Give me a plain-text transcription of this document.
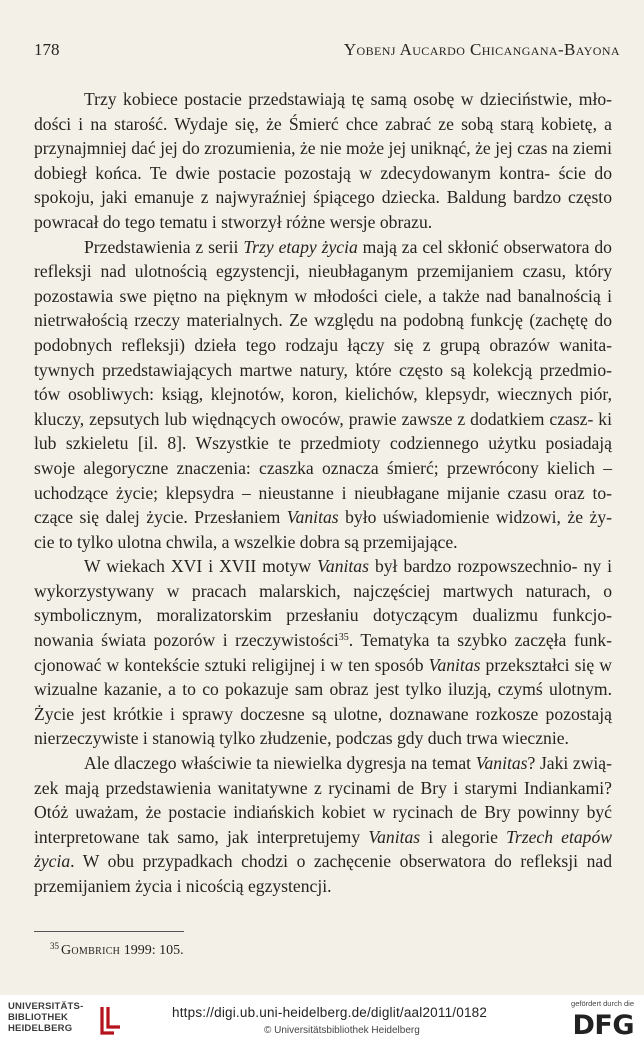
178	Yobenj Aucardo Chicangana-Bayona

Trzy kobiece postacie przedstawiają tę samą osobę w dzieciństwie, mło- dości i na starość. Wydaje się, że Śmierć chce zabrać ze sobą starą kobietę, a przynajmniej dać jej do zrozumienia, że nie może jej uniknąć, że jej czas na ziemi dobiegł końca. Te dwie postacie pozostają w zdecydowanym kontra- ście do spokoju, jaki emanuje z najwyraźniej śpiącego dziecka. Baldung bardzo często powracał do tego tematu i stworzył różne wersje obrazu.

Przedstawienia z serii Trzy etapy życia mają za cel skłonić obserwatora do refleksji nad ulotnością egzystencji, nieubłaganym przemijaniem czasu, który pozostawia swe piętno na pięknym w młodości ciele, a także nad banalnością i nietrwałością rzeczy materialnych. Ze względu na podobną funkcję (zachętę do podobnych refleksji) dzieła tego rodzaju łączy się z grupą obrazów wanita- tywnych przedstawiających martwe natury, które często są kolekcją przedmio- tów osobliwych: ksiąg, klejnotów, koron, kielichów, klepsydr, wiecznych piór, kluczy, zepsutych lub więdnących owoców, prawie zawsze z dodatkiem czasz- ki lub szkieletu [il. 8]. Wszystkie te przedmioty codziennego użytku posiadają swoje alegoryczne znaczenia: czaszka oznacza śmierć; przewrócony kielich – uchodzące życie; klepsydra – nieustanne i nieubłagane mijanie czasu oraz to- czące się dalej życie. Przesłaniem Vanitas było uświadomienie widzowi, że ży- cie to tylko ulotna chwila, a wszelkie dobra są przemijające.

W wiekach XVI i XVII motyw Vanitas był bardzo rozpowszechnio- ny i wykorzystywany w pracach malarskich, najczęściej martwych naturach, o symbolicznym, moralizatorskim przesłaniu dotyczącym dualizmu funkcjo- nowania świata pozorów i rzeczywistości$^{35}$. Tematyka ta szybko zaczęła funk- cjonować w kontekście sztuki religijnej i w ten sposób Vanitas przekształci się w wizualne kazanie, a to co pokazuje sam obraz jest tylko iluzją, czymś ulotnym. Życie jest krótkie i sprawy doczesne są ulotne, doznawane rozkosze pozostają nierzeczywiste i stanowią tylko złudzenie, podczas gdy duch trwa wiecznie.

Ale dlaczego właściwie ta niewielka dygresja na temat Vanitas? Jaki zwią- zek mają przedstawienia wanitatywne z rycinami de Bry i starymi Indiankami? Otóż uważam, że postacie indiańskich kobiet w rycinach de Bry powinny być interpretowane tak samo, jak interpretujemy Vanitas i alegorie Trzech etapów życia. W obu przypadkach chodzi o zachęcenie obserwatora do refleksji nad przemijaniem życia i nicością egzystencji.

$^{35}$ Gombrich 1999: 105.
UNIVERSITÄTS-
BIBLIOTHEK
HEIDELBERG
https://digi.ub.uni-heidelberg.de/diglit/aal2011/0182
© Universitätsbibliothek Heidelberg
gefördert durch die
DFG
